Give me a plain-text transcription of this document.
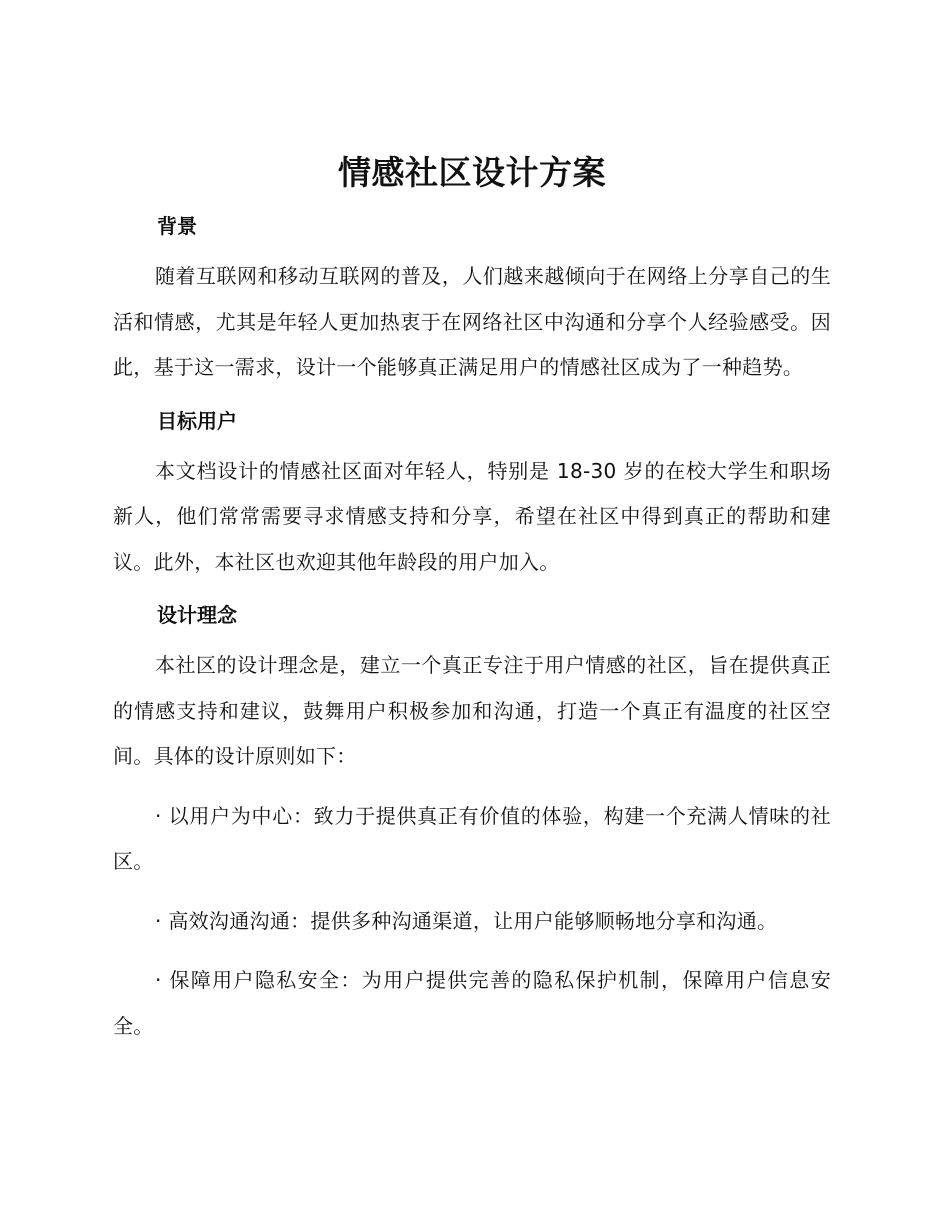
情感社区设计方案
背景

随着互联网和移动互联网的普及，人们越来越倾向于在网络上分享自己的生活和情感，尤其是年轻人更加热衷于在网络社区中沟通和分享个人经验感受。因此，基于这一需求，设计一个能够真正满足用户的情感社区成为了一种趋势。

目标用户

本文档设计的情感社区面对年轻人，特别是 18-30 岁的在校大学生和职场新人，他们常常需要寻求情感支持和分享，希望在社区中得到真正的帮助和建议。此外，本社区也欢迎其他年龄段的用户加入。

设计理念

本社区的设计理念是，建立一个真正专注于用户情感的社区，旨在提供真正的情感支持和建议，鼓舞用户积极参加和沟通，打造一个真正有温度的社区空间。具体的设计原则如下：

· 以用户为中心：致力于提供真正有价值的体验，构建一个充满人情味的社区。

· 高效沟通沟通：提供多种沟通渠道，让用户能够顺畅地分享和沟通。

· 保障用户隐私安全：为用户提供完善的隐私保护机制，保障用户信息安全。
